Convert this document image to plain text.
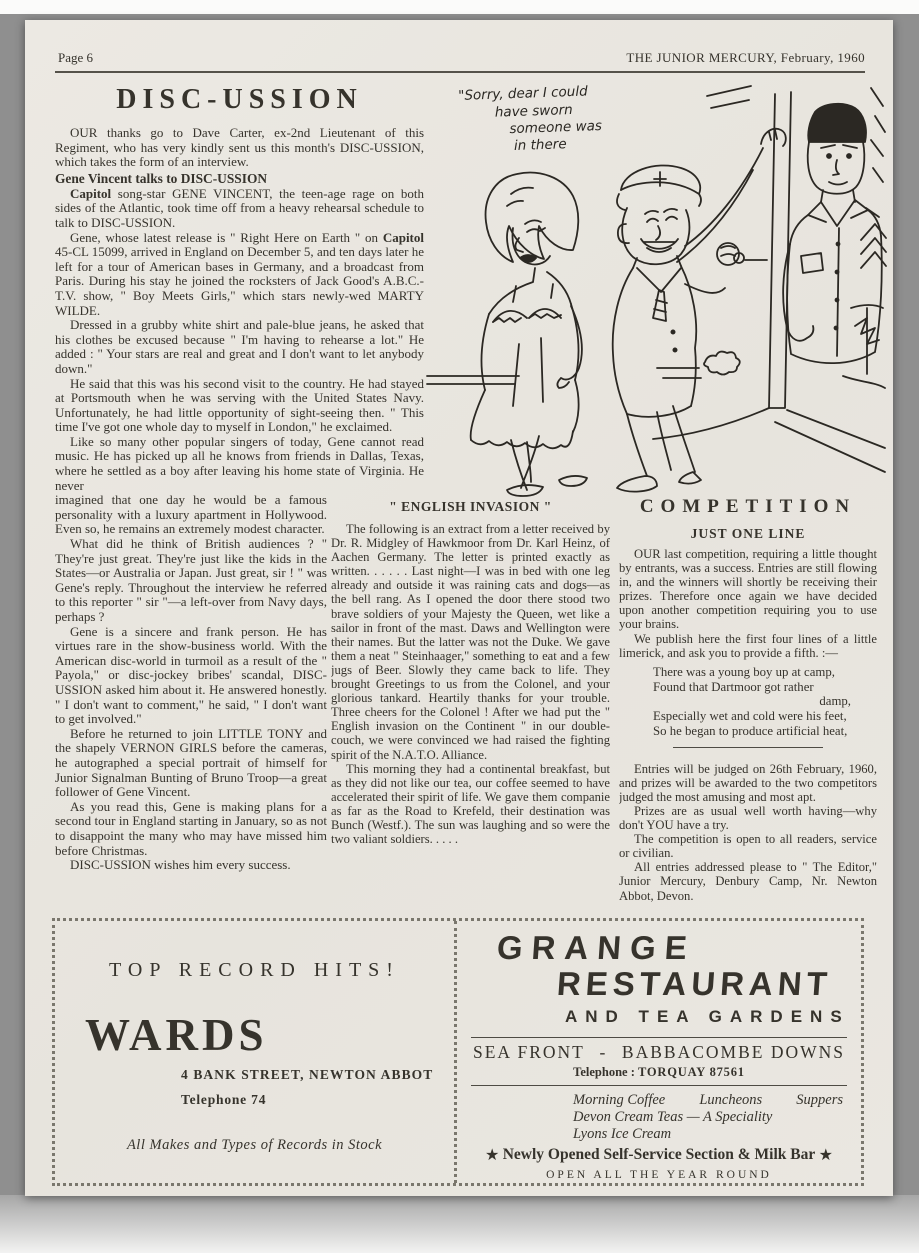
Page 6	THE JUNIOR MERCURY, February, 1960
DISC-USSION

OUR thanks go to Dave Carter, ex-2nd Lieutenant of this Regiment, who has very kindly sent us this month's DISC-USSION, which takes the form of an interview.

Gene Vincent talks to DISC-USSION

Capitol song-star GENE VINCENT, the teen-age rage on both sides of the Atlantic, took time off from a heavy rehearsal schedule to talk to DISC-USSION.

Gene, whose latest release is " Right Here on Earth " on Capitol 45-CL 15099, arrived in England on December 5, and ten days later he left for a tour of American bases in Germany, and a broadcast from Paris. During his stay he joined the rocksters of Jack Good's A.B.C.-T.V. show, " Boy Meets Girls," which stars newly-wed MARTY WILDE.

Dressed in a grubby white shirt and pale-blue jeans, he asked that his clothes be excused because " I'm having to rehearse a lot." He added : " Your stars are real and great and I don't want to let anybody down."

He said that this was his second visit to the country. He had stayed at Portsmouth when he was serving with the United States Navy. Unfortunately, he had little opportunity of sight-seeing then. " This time I've got one whole day to myself in London," he exclaimed.

Like so many other popular singers of today, Gene cannot read music. He has picked up all he knows from friends in Dallas, Texas, where he settled as a boy after leaving his home state of Virginia. He never

imagined that one day he would be a famous personality with a luxury apartment in Hollywood. Even so, he remains an extremely modest character.

What did he think of British audiences ? " They're just great. They're just like the kids in the States—or Australia or Japan. Just great, sir ! " was Gene's reply. Throughout the interview he referred to this reporter " sir "—a left-over from Navy days, perhaps ?

Gene is a sincere and frank person. He has virtues rare in the show-business world. With the American disc-world in turmoil as a result of the " Payola," or disc-jockey bribes' scandal, DISC-USSION asked him about it. He answered honestly. " I don't want to comment," he said, " I don't want to get involved."

Before he returned to join LITTLE TONY and the shapely VERNON GIRLS before the cameras, he autographed a special portrait of himself for Junior Signalman Bunting of Bruno Troop—a great follower of Gene Vincent.

As you read this, Gene is making plans for a second tour in England starting in January, so as not to disappoint the many who may have missed him before Christmas.

DISC-USSION wishes him every success.

"Sorry, dear I could
have sworn
someone was
in there
" ENGLISH INVASION "

The following is an extract from a letter received by Dr. R. Midgley of Hawkmoor from Dr. Karl Heinz, of Aachen Germany. The letter is printed exactly as written. . . . . . Last night—I was in bed with one leg already and outside it was raining cats and dogs—as the bell rang. As I opened the door there stood two brave soldiers of your Majesty the Queen, wet like a sailor in front of the mast. Daws and Wellington were their names. But the latter was not the Duke. We gave them a neat " Steinhaager," something to eat and a few jugs of Beer. Slowly they came back to life. They brought Greetings to us from the Colonel, and your glorious tankard. Heartily thanks for your trouble. Three cheers for the Colonel ! After we had put the " English invasion on the Continent " in our double-couch, we were convinced we had raised the fighting spirit of the N.A.T.O. Alliance.

This morning they had a continental breakfast, but as they did not like our tea, our coffee seemed to have accelerated their spirit of life. We gave them companie as far as the Road to Krefeld, their destination was Bunch (Westf.). The sun was laughing and so were the two valiant soldiers. . . . .

COMPETITION
JUST ONE LINE

OUR last competition, requiring a little thought by entrants, was a success. Entries are still flowing in, and the winners will shortly be receiving their prizes. Therefore once again we have decided upon another competition requiring you to use your brains.

We publish here the first four lines of a little limerick, and ask you to provide a fifth. :—

There was a young boy up at camp,
Found that Dartmoor got rather
damp,
Especially wet and cold were his feet,
So he began to produce artificial heat,

Entries will be judged on 26th February, 1960, and prizes will be awarded to the two competitors judged the most amusing and most apt.

Prizes are as usual well worth having—why don't YOU have a try.

The competition is open to all readers, service or civilian.

All entries addressed please to " The Editor," Junior Mercury, Denbury Camp, Nr. Newton Abbot, Devon.

TOP RECORD HITS!
WARDS
4 BANK STREET, NEWTON ABBOT
Telephone 74
All Makes and Types of Records in Stock
GRANGE
RESTAURANT
AND TEA GARDENS
SEA FRONT - BABBACOMBE DOWNS
Telephone : TORQUAY 87561
Morning Coffee Luncheons Suppers
Devon Cream Teas — A Speciality
Lyons Ice Cream
★ Newly Opened Self-Service Section & Milk Bar ★
OPEN ALL THE YEAR ROUND
